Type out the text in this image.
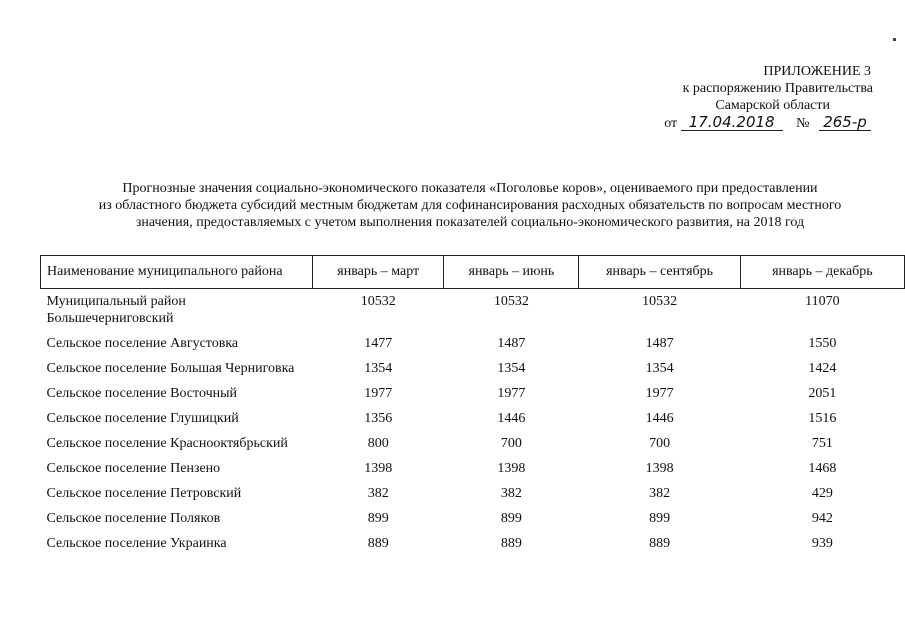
ПРИЛОЖЕНИЕ 3
к распоряжению Правительства
Самарской области
от 17.04.2018 № 265-р
Прогнозные значения социально-экономического показателя «Поголовье коров», оцениваемого при предоставлении
из областного бюджета субсидий местным бюджетам для софинансирования расходных обязательств по вопросам местного
значения, предоставляемых с учетом выполнения показателей социально-экономического развития, на 2018 год
Наименование муниципального района	январь – март	январь – июнь	январь – сентябрь	январь – декабрь
Муниципальный район Большечерниговский	10532	10532	10532	11070
Сельское поселение Августовка	1477	1487	1487	1550
Сельское поселение Большая Черниговка	1354	1354	1354	1424
Сельское поселение Восточный	1977	1977	1977	2051
Сельское поселение Глушицкий	1356	1446	1446	1516
Сельское поселение Краснооктябрьский	800	700	700	751
Сельское поселение Пензено	1398	1398	1398	1468
Сельское поселение Петровский	382	382	382	429
Сельское поселение Поляков	899	899	899	942
Сельское поселение Украинка	889	889	889	939
